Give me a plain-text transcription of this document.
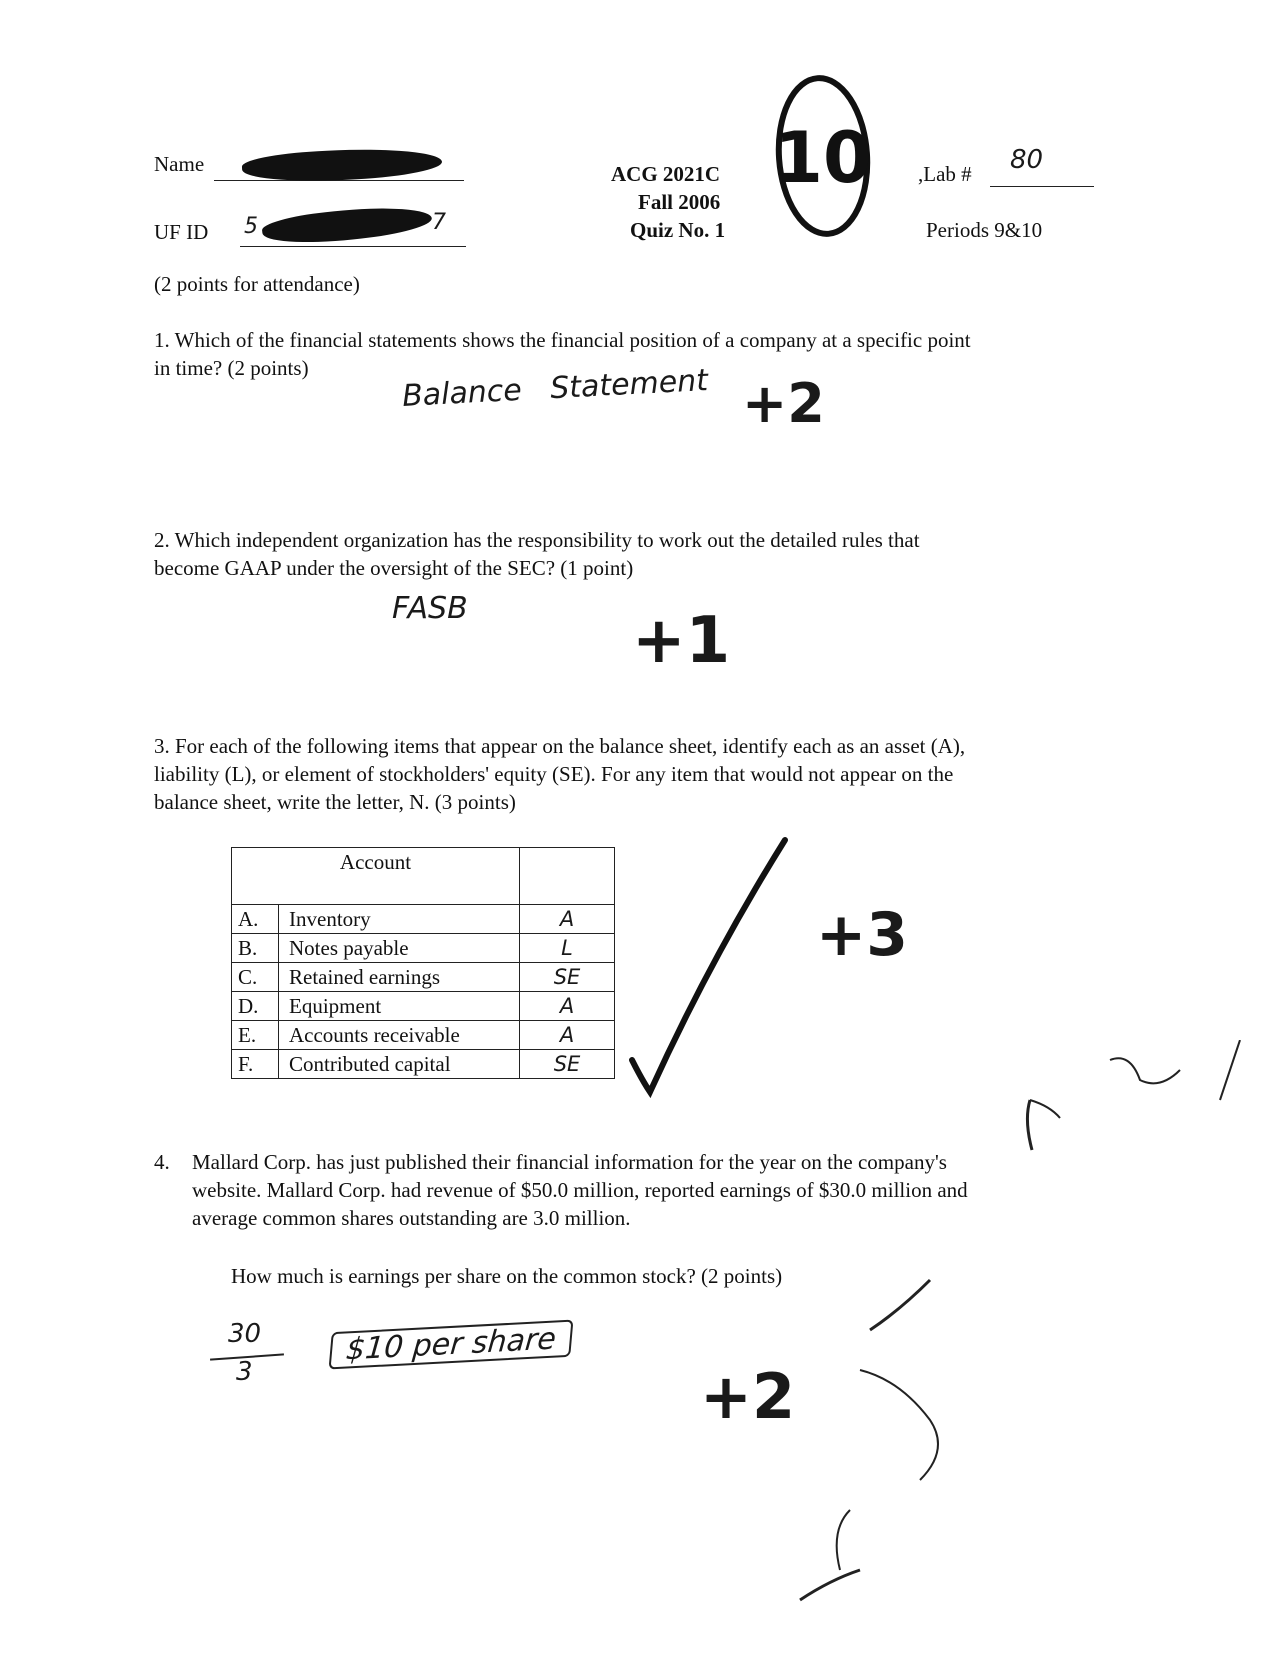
Name
UF ID 5	7
ACG 2021C
Fall 2006
Quiz No. 1
10 ,Lab # 80
Periods 9&10
(2 points for attendance)
1. Which of the financial statements shows the financial position of a company at a specific point
in time? (2 points)	Balance   Statement +2
2. Which independent organization has the responsibility to work out the detailed rules that
become GAAP under the oversight of the SEC? (1 point)
FASB	+1
3. For each of the following items that appear on the balance sheet, identify each as an asset (A),
liability (L), or element of stockholders' equity (SE). For any item that would not appear on the
balance sheet, write the letter, N. (3 points)
Account		
A.	Inventory	A
B.	Notes payable	L
C.	Retained earnings	SE
D.	Equipment	A
E.	Accounts receivable	A
F.	Contributed capital	SE
+3
4. Mallard Corp. has just published their financial information for the year on the company's
website. Mallard Corp. had revenue of $50.0 million, reported earnings of $30.0 million and
average common shares outstanding are 3.0 million.
How much is earnings per share on the common stock? (2 points)
30
3
$10 per share
+2
